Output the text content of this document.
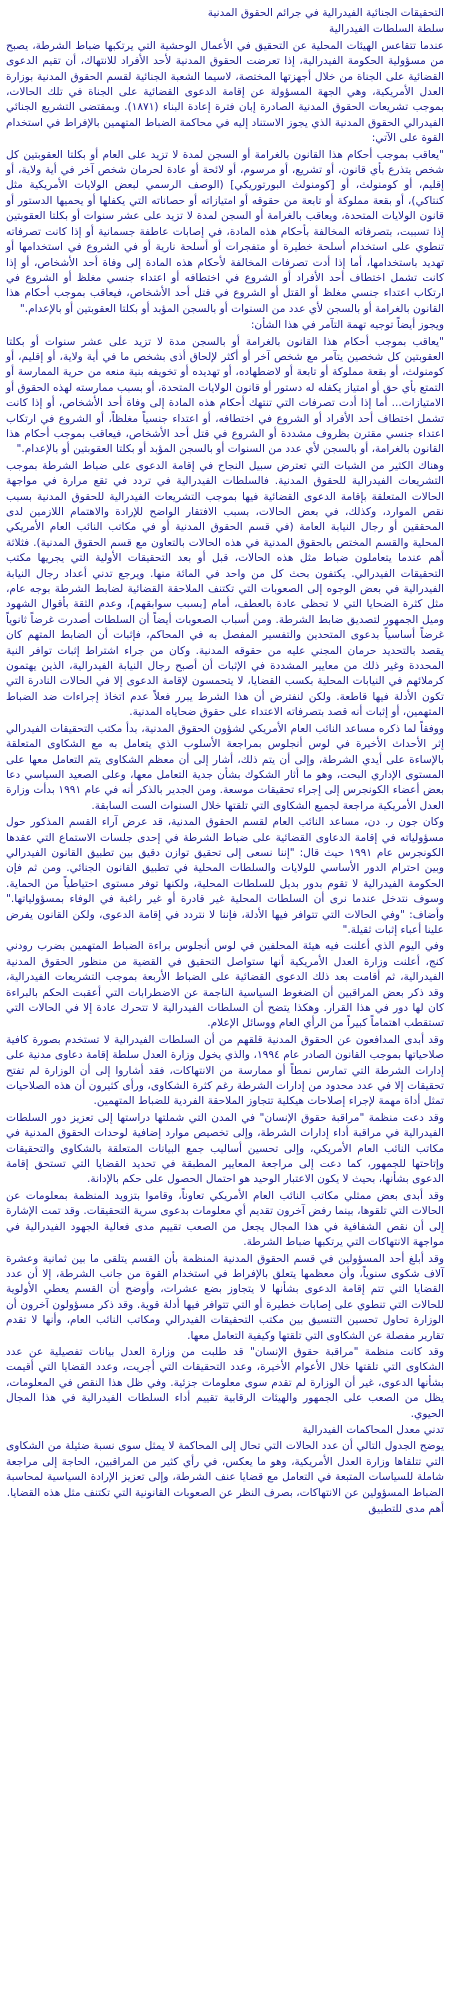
التحقيقات الجنائية الفيدرالية في جرائم الحقوق المدنية

سلطة السلطات الفيدرالية

عندما تتقاعس الهيئات المحلية عن التحقيق في الأعمال الوحشية التي يرتكبها ضباط الشرطة، يصبح من مسؤولية الحكومة الفيدرالية، إذا تعرضت الحقوق المدنية لأحد الأفراد للانتهاك، أن تقيم الدعوى القضائية على الجناة من خلال أجهزتها المختصة، لاسيما الشعبة الجنائية لقسم الحقوق المدنية بوزارة العدل الأمريكية، وهي الجهة المسؤولة عن إقامة الدعوى القضائية على الجناة في تلك الحالات، بموجب تشريعات الحقوق المدنية الصادرة إبان فترة إعادة البناء (١٨٧١). وبمقتضى التشريع الجنائي الفيدرالي الحقوق المدنية الذي يجوز الاستناد إليه في محاكمة الضباط المتهمين بالإفراط في استخدام القوة على الآتي:

"يعاقب بموجب أحكام هذا القانون بالغرامة أو السجن لمدة لا تزيد على العام أو بكلتا العقوبتين كل شخص يتذرع بأي قانون، أو تشريع، أو مرسوم، أو لائحة أو عادة لحرمان شخص آخر في أية ولاية، أو إقليم، أو كومنولث، أو [كومنولث البورتوريكي] (الوصف الرسمي لبعض الولايات الأمريكية مثل كنتاكي)، أو بقعة مملوكة أو تابعة من حقوقه أو امتيازاته أو حصاناته التي يكفلها أو يحميها الدستور أو قانون الولايات المتحدة، ويعاقب بالغرامة أو السجن لمدة لا تزيد على عشر سنوات أو بكلتا العقوبتين إذا تسببت، بتصرفاته المخالفة بأحكام هذه المادة، في إصابات عاطفة جسمانية أو إذا كانت تصرفاته تنطوي على استخدام أسلحة خطيرة أو متفجرات أو أسلحة نارية أو في الشروع في استخدامها أو تهديد باستخدامها، أما إذا أدت تصرفات المخالفة لأحكام هذه المادة إلى وفاة أحد الأشخاص، أو إذا كانت تشمل اختطاف أحد الأفراد أو الشروع في اختطافه أو اعتداء جنسي مغلظ أو الشروع في ارتكاب اعتداء جنسي مغلظ أو القتل أو الشروع في قتل أحد الأشخاص، فيعاقب بموجب أحكام هذا القانون بالغرامة أو بالسجن لأي عدد من السنوات أو بالسجن المؤبد أو بكلتا العقوبتين أو بالإعدام."

ويجوز أيضاً توجيه تهمة التآمر في هذا الشأن:

"يعاقب بموجب أحكام هذا القانون بالغرامة أو بالسجن مدة لا تزيد على عشر سنوات أو بكلتا العقوبتين كل شخصين يتآمر مع شخص آخر أو أكثر لإلحاق أذى بشخص ما في أية ولاية، أو إقليم، أو كومنولث، أو بقعة مملوكة أو تابعة أو لاضطهاده، أو تهديده أو تخويفه بنية منعه من حرية الممارسة أو التمتع بأي حق أو امتياز يكفله له دستور أو قانون الولايات المتحدة، أو بسبب ممارسته لهذه الحقوق أو الامتيازات... أما إذا أدت تصرفات التي تنتهك أحكام هذه المادة إلى وفاة أحد الأشخاص، أو إذا كانت تشمل اختطاف أحد الأفراد أو الشروع في اختطافه، أو اعتداء جنسياً مغلظاً، أو الشروع في ارتكاب اعتداء جنسي مقترن بظروف مشددة أو الشروع في قتل أحد الأشخاص، فيعاقب بموجب أحكام هذا القانون بالغرامة، أو بالسجن لأي عدد من السنوات أو بالسجن المؤبد أو بكلتا العقوبتين أو بالإعدام."

وهناك الكثير من الشبات التي تعترض سبيل النجاح في إقامة الدعوى على ضباط الشرطة بموجب التشريعات الفيدرالية للحقوق المدنية. فالسلطات الفيدرالية في تردد في تقع مرارة في مواجهة الحالات المتعلقة بإقامة الدعوى القضائية فيها بموجب التشريعات الفيدرالية للحقوق المدنية بسبب نقص الموارد، وكذلك، في بعض الحالات، بسبب الافتقار الواضح للإرادة والاهتمام اللازمين لدى المحققين أو رجال النيابة العامة (في قسم الحقوق المدنية أو في مكاتب النائب العام الأمريكي المحلية والقسم المختص بالحقوق المدنية في هذه الحالات بالتعاون مع قسم الحقوق المدنية). فثلاثة أهم عندما يتعاملون ضباط مثل هذه الحالات، قبل أو بعد التحقيقات الأولية التي يجريها مكتب التحقيقات الفيدرالي. يكتفون بحث كل من واحد في المائة منها. ويرجع تدني أعداد رجال النيابة الفيدرالية في بعض الوجوه إلى الصعوبات التي تكتنف الملاحقة القضائية لضابط الشرطة بوجه عام، مثل كثرة الضحايا التي لا تحظى عادة بالعطف، أمام [بسبب سوابقهم]، وعدم الثقة بأقوال الشهود وميل الجمهور لتصديق ضابط الشرطة. ومن أسباب الصعوبات أيضاً أن السلطات أصدرت غرضاً ثانوياً غرضاً أساسياً بدعوى المتحدين والتفسير المفصل به في المحاكم، فإثبات أن الضابط المتهم كان يقصد بالتحديد حرمان المجني عليه من حقوقه المدنية. وكان من جراء اشتراط إثبات توافر النية المحددة وغير ذلك من معايير المشددة في الإثبات أن أصبح رجال النيابة الفيدرالية، الذين يهتمون كرملائهم في النيابات المحلية بكسب القضايا، لا يتحمسون لإقامة الدعوى إلا في الحالات النادرة التي تكون الأدلة فيها قاطعة. ولكن لنفترض أن هذا الشرط يبرر فعلاً عدم اتخاذ إجراءات ضد الضباط المتهمين، أو إثبات أنه قصد بتصرفاته الاعتداء على حقوق ضحاياه المدنية.

ووفقاً لما ذكره مساعد النائب العام الأمريكي لشؤون الحقوق المدنية، بدأ مكتب التحقيقات الفيدرالي إثر الأحداث الأخيرة في لوس أنجلوس بمراجعة الأسلوب الذي يتعامل به مع الشكاوى المتعلقة بالإساءة على أيدي الشرطة، وإلى أن يتم ذلك، أشار إلى أن معظم الشكاوى يتم التعامل معها على المستوى الإداري البحت، وهو ما أثار الشكوك بشأن جدية التعامل معها، وعلى الصعيد السياسي دعا بعض أعضاء الكونجرس إلى إجراء تحقيقات موسعة. ومن الجدير بالذكر أنه في عام ١٩٩١ بدأت وزارة العدل الأمريكية مراجعة لجميع الشكاوى التي تلقتها خلال السنوات الست السابقة.

وكان جون ر. دن، مساعد النائب العام لقسم الحقوق المدنية، قد عرض آراء القسم المذكور حول مسؤولياته في إقامة الدعاوى القضائية على ضباط الشرطة في إحدى جلسات الاستماع التي عقدها الكونجرس عام ١٩٩١ حيث قال: "إننا نسعى إلى تحقيق توازن دقيق بين تطبيق القانون الفيدرالي وبين احترام الدور الأساسي للولايات والسلطات المحلية في تطبيق القانون الجنائي. ومن ثم فإن الحكومة الفيدرالية لا تقوم بدور بديل للسلطات المحلية، ولكنها توفر مستوى احتياطياً من الحماية. وسوف نتدخل عندما نرى أن السلطات المحلية غير قادرة أو غير راغبة في الوفاء بمسؤولياتها." وأضاف: "وفي الحالات التي تتوافر فيها الأدلة، فإننا لا نتردد في إقامة الدعوى، ولكن القانون يفرض علينا أعباء إثبات ثقيلة."

وفي اليوم الذي أعلنت فيه هيئة المحلفين في لوس أنجلوس براءة الضباط المتهمين بضرب رودني كنج، أعلنت وزارة العدل الأمريكية أنها ستواصل التحقيق في القضية من منظور الحقوق المدنية الفيدرالية، ثم أقامت بعد ذلك الدعوى القضائية على الضباط الأربعة بموجب التشريعات الفيدرالية، وقد ذكر بعض المراقبين أن الضغوط السياسية الناجمة عن الاضطرابات التي أعقبت الحكم بالبراءة كان لها دور في هذا القرار. وهكذا يتضح أن السلطات الفيدرالية لا تتحرك عادة إلا في الحالات التي تستقطب اهتماماً كبيراً من الرأي العام ووسائل الإعلام.

وقد أبدى المدافعون عن الحقوق المدنية قلقهم من أن السلطات الفيدرالية لا تستخدم بصورة كافية صلاحياتها بموجب القانون الصادر عام ١٩٩٤، والذي يخول وزارة العدل سلطة إقامة دعاوى مدنية على إدارات الشرطة التي تمارس نمطاً أو ممارسة من الانتهاكات، فقد أشاروا إلى أن الوزارة لم تفتح تحقيقات إلا في عدد محدود من إدارات الشرطة رغم كثرة الشكاوى، ورأى كثيرون أن هذه الصلاحيات تمثل أداة مهمة لإجراء إصلاحات هيكلية تتجاوز الملاحقة الفردية للضباط المتهمين.

وقد دعت منظمة "مراقبة حقوق الإنسان" في المدن التي شملتها دراستها إلى تعزيز دور السلطات الفيدرالية في مراقبة أداء إدارات الشرطة، وإلى تخصيص موارد إضافية لوحدات الحقوق المدنية في مكاتب النائب العام الأمريكي، وإلى تحسين أساليب جمع البيانات المتعلقة بالشكاوى والتحقيقات وإتاحتها للجمهور، كما دعت إلى مراجعة المعايير المطبقة في تحديد القضايا التي تستحق إقامة الدعوى بشأنها، بحيث لا يكون الاعتبار الوحيد هو احتمال الحصول على حكم بالإدانة.

وقد أبدى بعض ممثلي مكاتب النائب العام الأمريكي تعاوناً، وقاموا بتزويد المنظمة بمعلومات عن الحالات التي تلقوها، بينما رفض آخرون تقديم أي معلومات بدعوى سرية التحقيقات. وقد تمت الإشارة إلى أن نقص الشفافية في هذا المجال يجعل من الصعب تقييم مدى فعالية الجهود الفيدرالية في مواجهة الانتهاكات التي يرتكبها ضباط الشرطة.

وقد أبلغ أحد المسؤولين في قسم الحقوق المدنية المنظمة بأن القسم يتلقى ما بين ثمانية وعشرة آلاف شكوى سنوياً، وأن معظمها يتعلق بالإفراط في استخدام القوة من جانب الشرطة، إلا أن عدد القضايا التي تتم إقامة الدعوى بشأنها لا يتجاوز بضع عشرات، وأوضح أن القسم يعطي الأولوية للحالات التي تنطوي على إصابات خطيرة أو التي تتوافر فيها أدلة قوية. وقد ذكر مسؤولون آخرون أن الوزارة تحاول تحسين التنسيق بين مكتب التحقيقات الفيدرالي ومكاتب النائب العام، وأنها لا تقدم تقارير مفصلة عن الشكاوى التي تلقتها وكيفية التعامل معها.

وقد كانت منظمة "مراقبة حقوق الإنسان" قد طلبت من وزارة العدل بيانات تفصيلية عن عدد الشكاوى التي تلقتها خلال الأعوام الأخيرة، وعدد التحقيقات التي أجريت، وعدد القضايا التي أقيمت بشأنها الدعوى، غير أن الوزارة لم تقدم سوى معلومات جزئية. وفي ظل هذا النقص في المعلومات، يظل من الصعب على الجمهور والهيئات الرقابية تقييم أداء السلطات الفيدرالية في هذا المجال الحيوي.

تدني معدل المحاكمات الفيدرالية

يوضح الجدول التالي أن عدد الحالات التي تحال إلى المحاكمة لا يمثل سوى نسبة ضئيلة من الشكاوى التي تتلقاها وزارة العدل الأمريكية، وهو ما يعكس، في رأي كثير من المراقبين، الحاجة إلى مراجعة شاملة للسياسات المتبعة في التعامل مع قضايا عنف الشرطة، وإلى تعزيز الإرادة السياسية لمحاسبة الضباط المسؤولين عن الانتهاكات، بصرف النظر عن الصعوبات القانونية التي تكتنف مثل هذه القضايا.

أهم مدى للتطبيق
